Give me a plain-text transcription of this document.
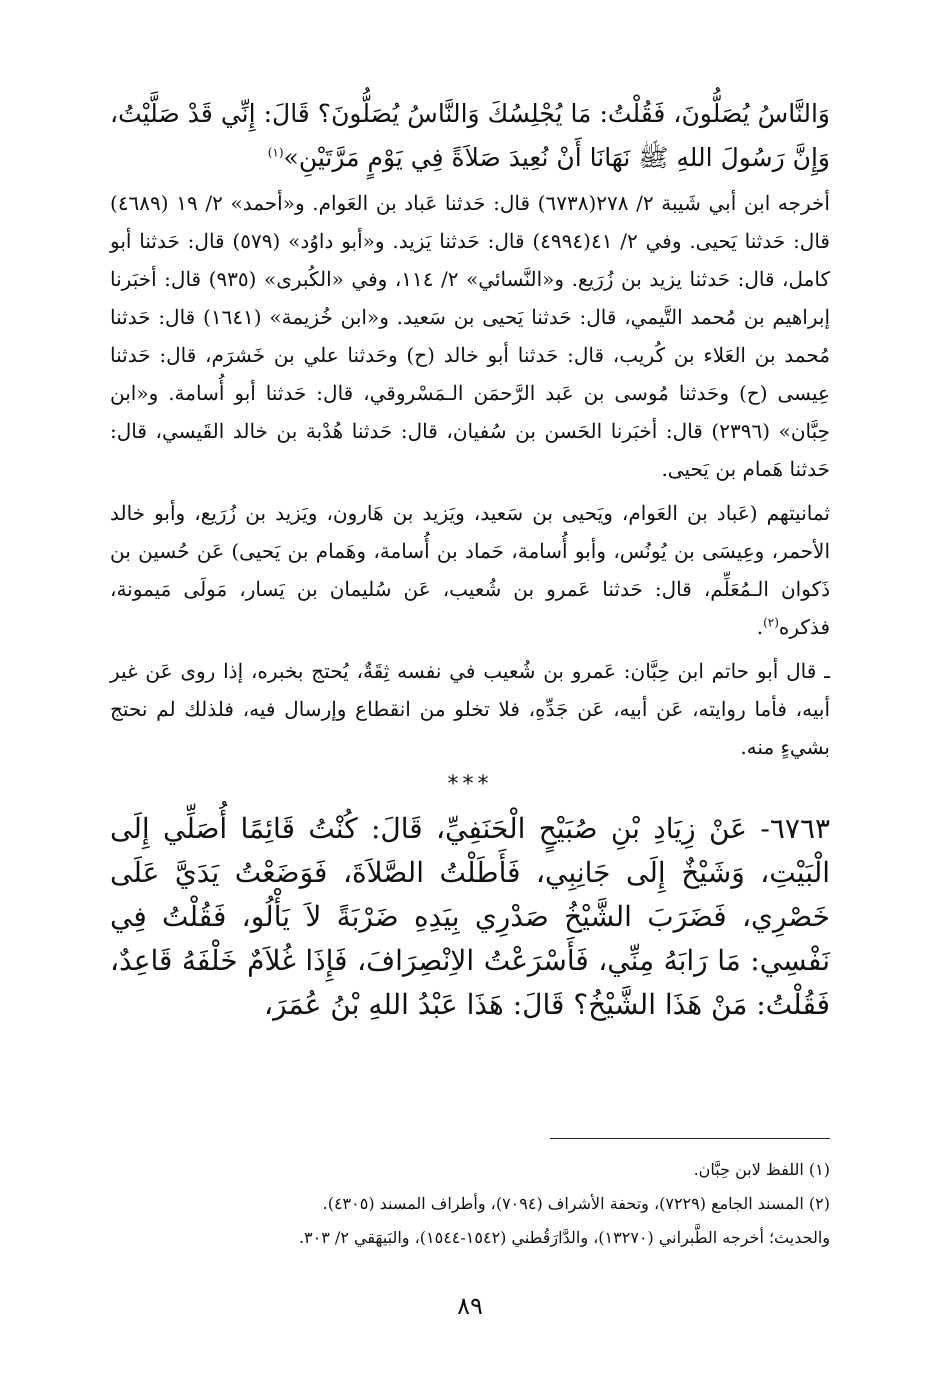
وَالنَّاسُ يُصَلُّونَ، فَقُلْتُ: مَا يُجْلِسُكَ وَالنَّاسُ يُصَلُّونَ؟ قَالَ: إِنِّي قَدْ صَلَّيْتُ، وَإِنَّ رَسُولَ اللهِ ﷺ نَهَانَا أَنْ نُعِيدَ صَلاَةً فِي يَوْمٍ مَرَّتَيْنِ»$^{(١)}$

أخرجه ابن أبي شَيبة ٢/ ٢٧٨(٦٧٣٨) قال: حَدثنا عَباد بن العَوام. و«أحمد» ٢/ ١٩ (٤٦٨٩) قال: حَدثنا يَحيى. وفي ٢/ ٤١(٤٩٩٤) قال: حَدثنا يَزيد. و«أبو داوُد» (٥٧٩) قال: حَدثنا أبو كامل، قال: حَدثنا يزيد بن زُرَيع. و«النَّسائي» ٢/ ١١٤، وفي «الكُبرى» (٩٣٥) قال: أخبَرنا إبراهيم بن مُحمد التَّيمي، قال: حَدثنا يَحيى بن سَعيد. و«ابن خُزيمة» (١٦٤١) قال: حَدثنا مُحمد بن العَلاء بن كُريب، قال: حَدثنا أبو خالد (ح) وحَدثنا علي بن خَشرَم، قال: حَدثنا عِيسى (ح) وحَدثنا مُوسى بن عَبد الرَّحمَن الـمَسْروقي، قال: حَدثنا أبو أُسامة. و«ابن حِبَّان» (٢٣٩٦) قال: أخبَرنا الحَسن بن سُفيان، قال: حَدثنا هُدْبة بن خالد القَيسي، قال: حَدثنا هَمام بن يَحيى.

ثمانيتهم (عَباد بن العَوام، ويَحيى بن سَعيد، ويَزيد بن هَارون، ويَزيد بن زُرَيع، وأبو خالد الأحمر، وعِيسَى بن يُونُس، وأبو أُسامة، حَماد بن أُسامة، وهَمام بن يَحيى) عَن حُسين بن ذَكوان الـمُعَلِّم، قال: حَدثنا عَمرو بن شُعيب، عَن سُليمان بن يَسار، مَولَى مَيمونة، فذكره$^{(٢)}$.

ـ قال أبو حاتم ابن حِبَّان: عَمرو بن شُعيب في نفسه ثِقَةٌ، يُحتج بخبره، إذا روى عَن غير أبيه، فأما روايته، عَن أبيه، عَن جَدِّهِ، فلا تخلو من انقطاع وإرسال فيه، فلذلك لم نحتج بشيءٍ منه.

***

٦٧٦٣- عَنْ زِيَادِ بْنِ صُبَيْحٍ الْحَنَفِيِّ، قَالَ: كُنْتُ قَائِمًا أُصَلِّي إِلَى الْبَيْتِ، وَشَيْخٌ إِلَى جَانِبِي، فَأَطَلْتُ الصَّلاَةَ، فَوَضَعْتُ يَدَيَّ عَلَى خَصْرِي، فَضَرَبَ الشَّيْخُ صَدْرِي بِيَدِهِ ضَرْبَةً لاَ يَأْلُو، فَقُلْتُ فِي نَفْسِي: مَا رَابَهُ مِنِّي، فَأَسْرَعْتُ الاِنْصِرَافَ، فَإِذَا غُلاَمٌ خَلْفَهُ قَاعِدٌ، فَقُلْتُ: مَنْ هَذَا الشَّيْخُ؟ قَالَ: هَذَا عَبْدُ اللهِ بْنُ عُمَرَ،

(١) اللفظ لابن حِبَّان.

(٢) المسند الجامع (٧٢٢٩)، وتحفة الأشراف (٧٠٩٤)، وأطراف المسند (٤٣٠٥).

والحديث؛ أخرجه الطَّبراني (١٣٢٧٠)، والدَّارَقُطني (١٥٤٢-١٥٤٤)، والبَيهَقي ٢/ ٣٠٣.

٨٩
